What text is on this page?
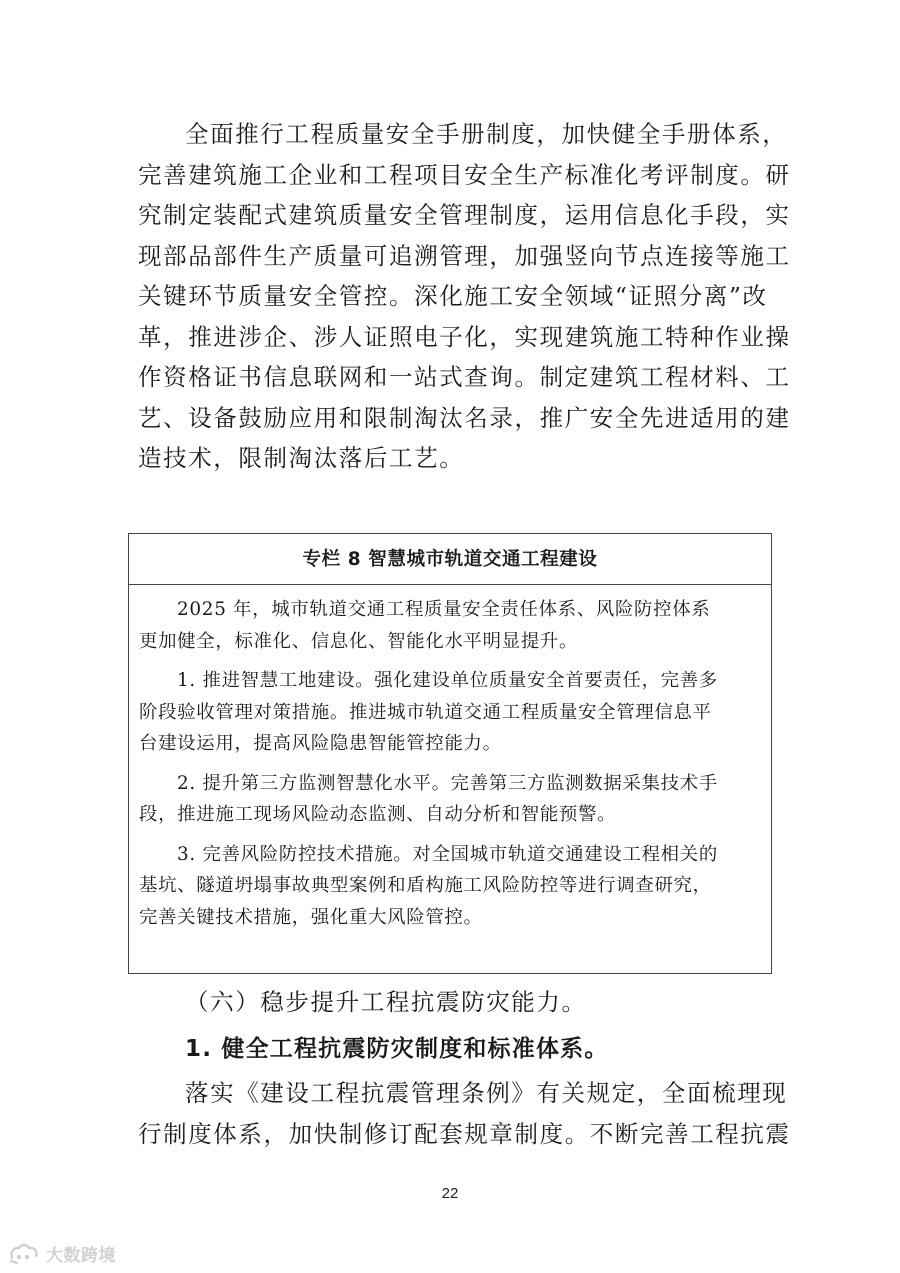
全面推行工程质量安全手册制度，加快健全手册体系，
完善建筑施工企业和工程项目安全生产标准化考评制度。研
究制定装配式建筑质量安全管理制度，运用信息化手段，实
现部品部件生产质量可追溯管理，加强竖向节点连接等施工
关键环节质量安全管控。深化施工安全领域“证照分离”改
革，推进涉企、涉人证照电子化，实现建筑施工特种作业操
作资格证书信息联网和一站式查询。制定建筑工程材料、工
艺、设备鼓励应用和限制淘汰名录，推广安全先进适用的建
造技术，限制淘汰落后工艺。
专栏 8 智慧城市轨道交通工程建设
2025 年，城市轨道交通工程质量安全责任体系、风险防控体系
更加健全，标准化、信息化、智能化水平明显提升。
1. 推进智慧工地建设。强化建设单位质量安全首要责任，完善多
阶段验收管理对策措施。推进城市轨道交通工程质量安全管理信息平
台建设运用，提高风险隐患智能管控能力。
2. 提升第三方监测智慧化水平。完善第三方监测数据采集技术手
段，推进施工现场风险动态监测、自动分析和智能预警。
3. 完善风险防控技术措施。对全国城市轨道交通建设工程相关的
基坑、隧道坍塌事故典型案例和盾构施工风险防控等进行调查研究，
完善关键技术措施，强化重大风险管控。
（六）稳步提升工程抗震防灾能力。
1. 健全工程抗震防灾制度和标准体系。
落实《建设工程抗震管理条例》有关规定，全面梳理现
行制度体系，加快制修订配套规章制度。不断完善工程抗震
22
大数跨境
